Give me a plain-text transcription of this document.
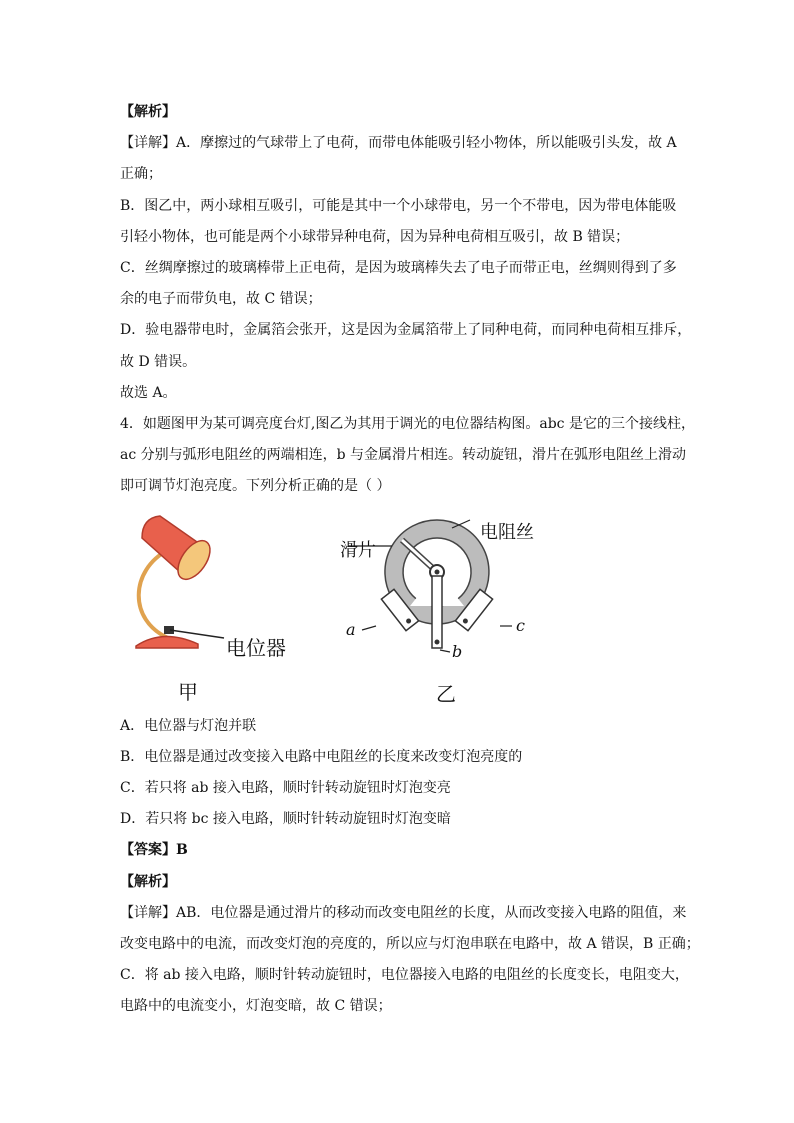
【解析】
【详解】A．摩擦过的气球带上了电荷，而带电体能吸引轻小物体，所以能吸引头发，故 A
正确；
B．图乙中，两小球相互吸引，可能是其中一个小球带电，另一个不带电，因为带电体能吸
引轻小物体，也可能是两个小球带异种电荷，因为异种电荷相互吸引，故 B 错误；
C．丝绸摩擦过的玻璃棒带上正电荷，是因为玻璃棒失去了电子而带正电，丝绸则得到了多
余的电子而带负电，故 C 错误；
D．验电器带电时，金属箔会张开，这是因为金属箔带上了同种电荷，而同种电荷相互排斥，
故 D 错误。
故选 A。
4．如题图甲为某可调亮度台灯,图乙为其用于调光的电位器结构图。abc 是它的三个接线柱，
ac 分别与弧形电阻丝的两端相连，b 与金属滑片相连。转动旋钮，滑片在弧形电阻丝上滑动
即可调节灯泡亮度。下列分析正确的是（ ）
电位器
甲
滑片
电阻丝
a
b
c
乙
A．电位器与灯泡并联
B．电位器是通过改变接入电路中电阻丝的长度来改变灯泡亮度的
C．若只将 ab 接入电路，顺时针转动旋钮时灯泡变亮
D．若只将 bc 接入电路，顺时针转动旋钮时灯泡变暗
【答案】B
【解析】
【详解】AB．电位器是通过滑片的移动而改变电阻丝的长度，从而改变接入电路的阻值，来
改变电路中的电流，而改变灯泡的亮度的，所以应与灯泡串联在电路中，故 A 错误，B 正确；
C．将 ab 接入电路，顺时针转动旋钮时，电位器接入电路的电阻丝的长度变长，电阻变大，
电路中的电流变小，灯泡变暗，故 C 错误；
